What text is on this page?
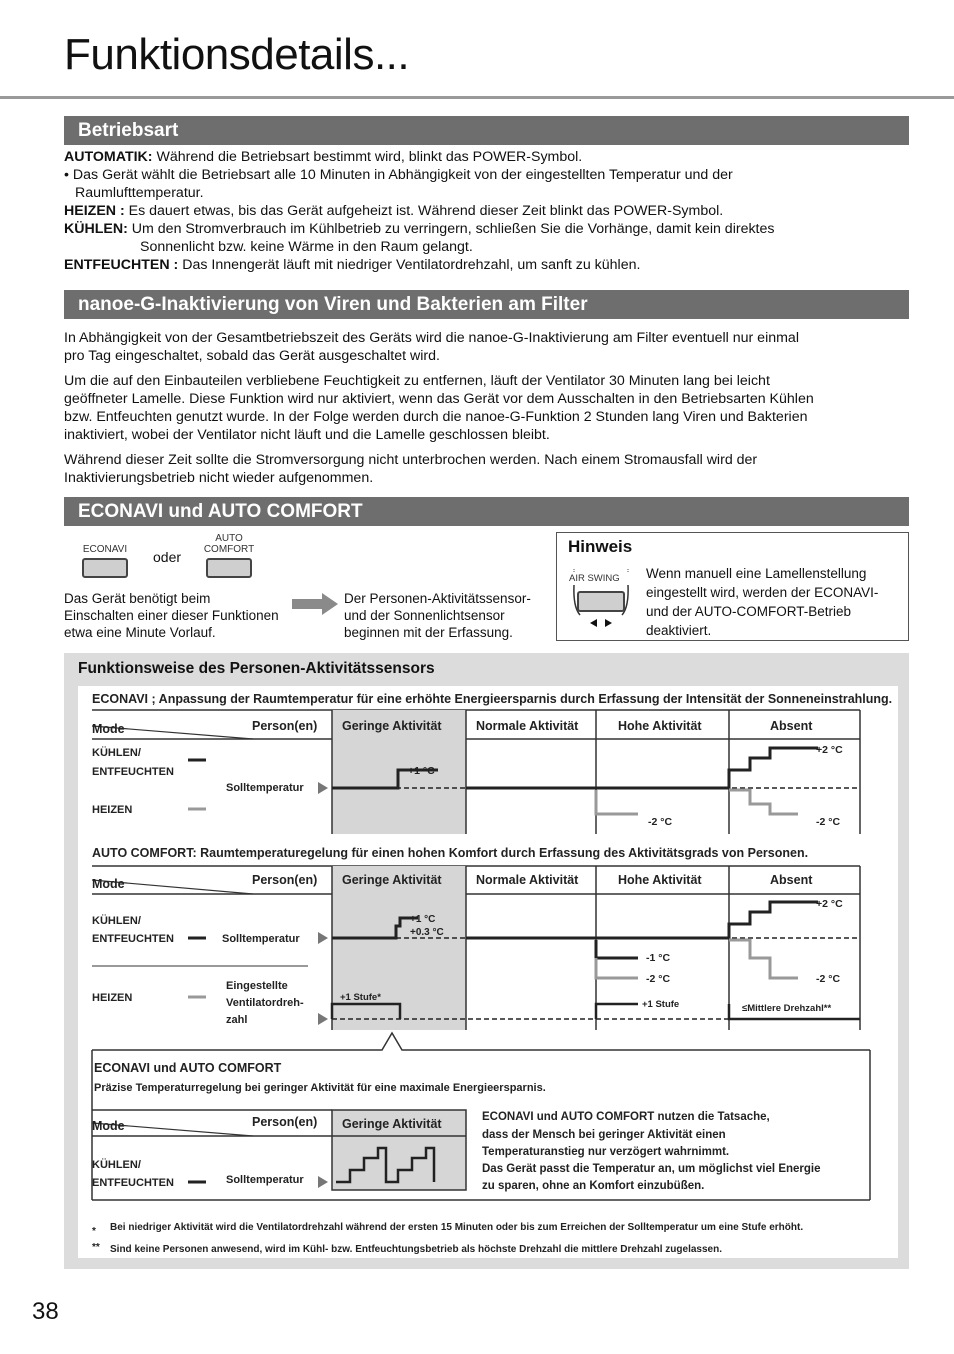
Funktionsdetails...
Betriebsart

AUTOMATIK: Während die Betriebsart bestimmt wird, blinkt das POWER-Symbol.

• Das Gerät wählt die Betriebsart alle 10 Minuten in Abhängigkeit von der eingestellten Temperatur und der

Raumlufttemperatur.

HEIZEN : Es dauert etwas, bis das Gerät aufgeheizt ist. Während dieser Zeit blinkt das POWER-Symbol.

KÜHLEN: Um den Stromverbrauch im Kühlbetrieb zu verringern, schließen Sie die Vorhänge, damit kein direktes

Sonnenlicht bzw. keine Wärme in den Raum gelangt.

ENTFEUCHTEN : Das Innengerät läuft mit niedriger Ventilatordrehzahl, um sanft zu kühlen.

nanoe-G-Inaktivierung von Viren und Bakterien am Filter

In Abhängigkeit von der Gesamtbetriebszeit des Geräts wird die nanoe-G-Inaktivierung am Filter eventuell nur einmal

pro Tag eingeschaltet, sobald das Gerät ausgeschaltet wird.

Um die auf den Einbauteilen verbliebene Feuchtigkeit zu entfernen, läuft der Ventilator 30 Minuten lang bei leicht

geöffneter Lamelle. Diese Funktion wird nur aktiviert, wenn das Gerät vor dem Ausschalten in den Betriebsarten Kühlen

bzw. Entfeuchten genutzt wurde. In der Folge werden durch die nanoe-G-Funktion 2 Stunden lang Viren und Bakterien

inaktiviert, wobei der Ventilator nicht läuft und die Lamelle geschlossen bleibt.

Während dieser Zeit sollte die Stromversorgung nicht unterbrochen werden. Nach einem Stromausfall wird der

Inaktivierungsbetrieb nicht wieder aufgenommen.

ECONAVI und AUTO COMFORT
ECONAVI	oder
AUTO
COMFORT
Das Gerät benötigt beim
Einschalten einer dieser Funktionen
etwa eine Minute Vorlauf.
Der Personen-Aktivitätssensor-
und der Sonnenlichtsensor
beginnen mit der Erfassung.
Hinweis
AIR SWING Wenn manuell eine Lamellenstellung
eingestellt wird, werden der ECONAVI-
und der AUTO-COMFORT-Betrieb
deaktiviert.
Funktionsweise des Personen-Aktivitätssensors
ECONAVI ; Anpassung der Raumtemperatur für eine erhöhte Energieersparnis durch Erfassung der Intensität der Sonneneinstrahlung.
Mode	Person(en) Geringe Aktivität	Normale Aktivität	Hohe Aktivität	Absent
KÜHLEN/
ENTFEUCHTEN
HEIZEN
Solltemperatur
+1 °C
+2 °C
-2 °C	-2 °C
AUTO COMFORT: Raumtemperaturegelung für einen hohen Komfort durch Erfassung des Aktivitätsgrads von Personen.
Mode	Person(en) Geringe Aktivität	Normale Aktivität	Hohe Aktivität	Absent
KÜHLEN/
ENTFEUCHTEN	Solltemperatur
+1 °C
+0.3 °C
+2 °C
-1 °C
-2 °C	-2 °C
HEIZEN
Eingestellte
Ventilatordreh-
zahl
+1 Stufe*
+1 Stufe	≤Mittlere Drehzahl**
ECONAVI und AUTO COMFORT
Präzise Temperaturregelung bei geringer Aktivität für eine maximale Energieersparnis.
Mode	Person(en) Geringe Aktivität
KÜHLEN/
ENTFEUCHTEN	Solltemperatur
ECONAVI und AUTO COMFORT nutzen die Tatsache,
dass der Mensch bei geringer Aktivität einen
Temperaturanstieg nur verzögert wahrnimmt.
Das Gerät passt die Temperatur an, um möglichst viel Energie
zu sparen, ohne an Komfort einzubüßen.
* Bei niedriger Aktivität wird die Ventilatordrehzahl während der ersten 15 Minuten oder bis zum Erreichen der Solltemperatur um eine Stufe erhöht.
** Sind keine Personen anwesend, wird im Kühl- bzw. Entfeuchtungsbetrieb als höchste Drehzahl die mittlere Drehzahl zugelassen.
38
